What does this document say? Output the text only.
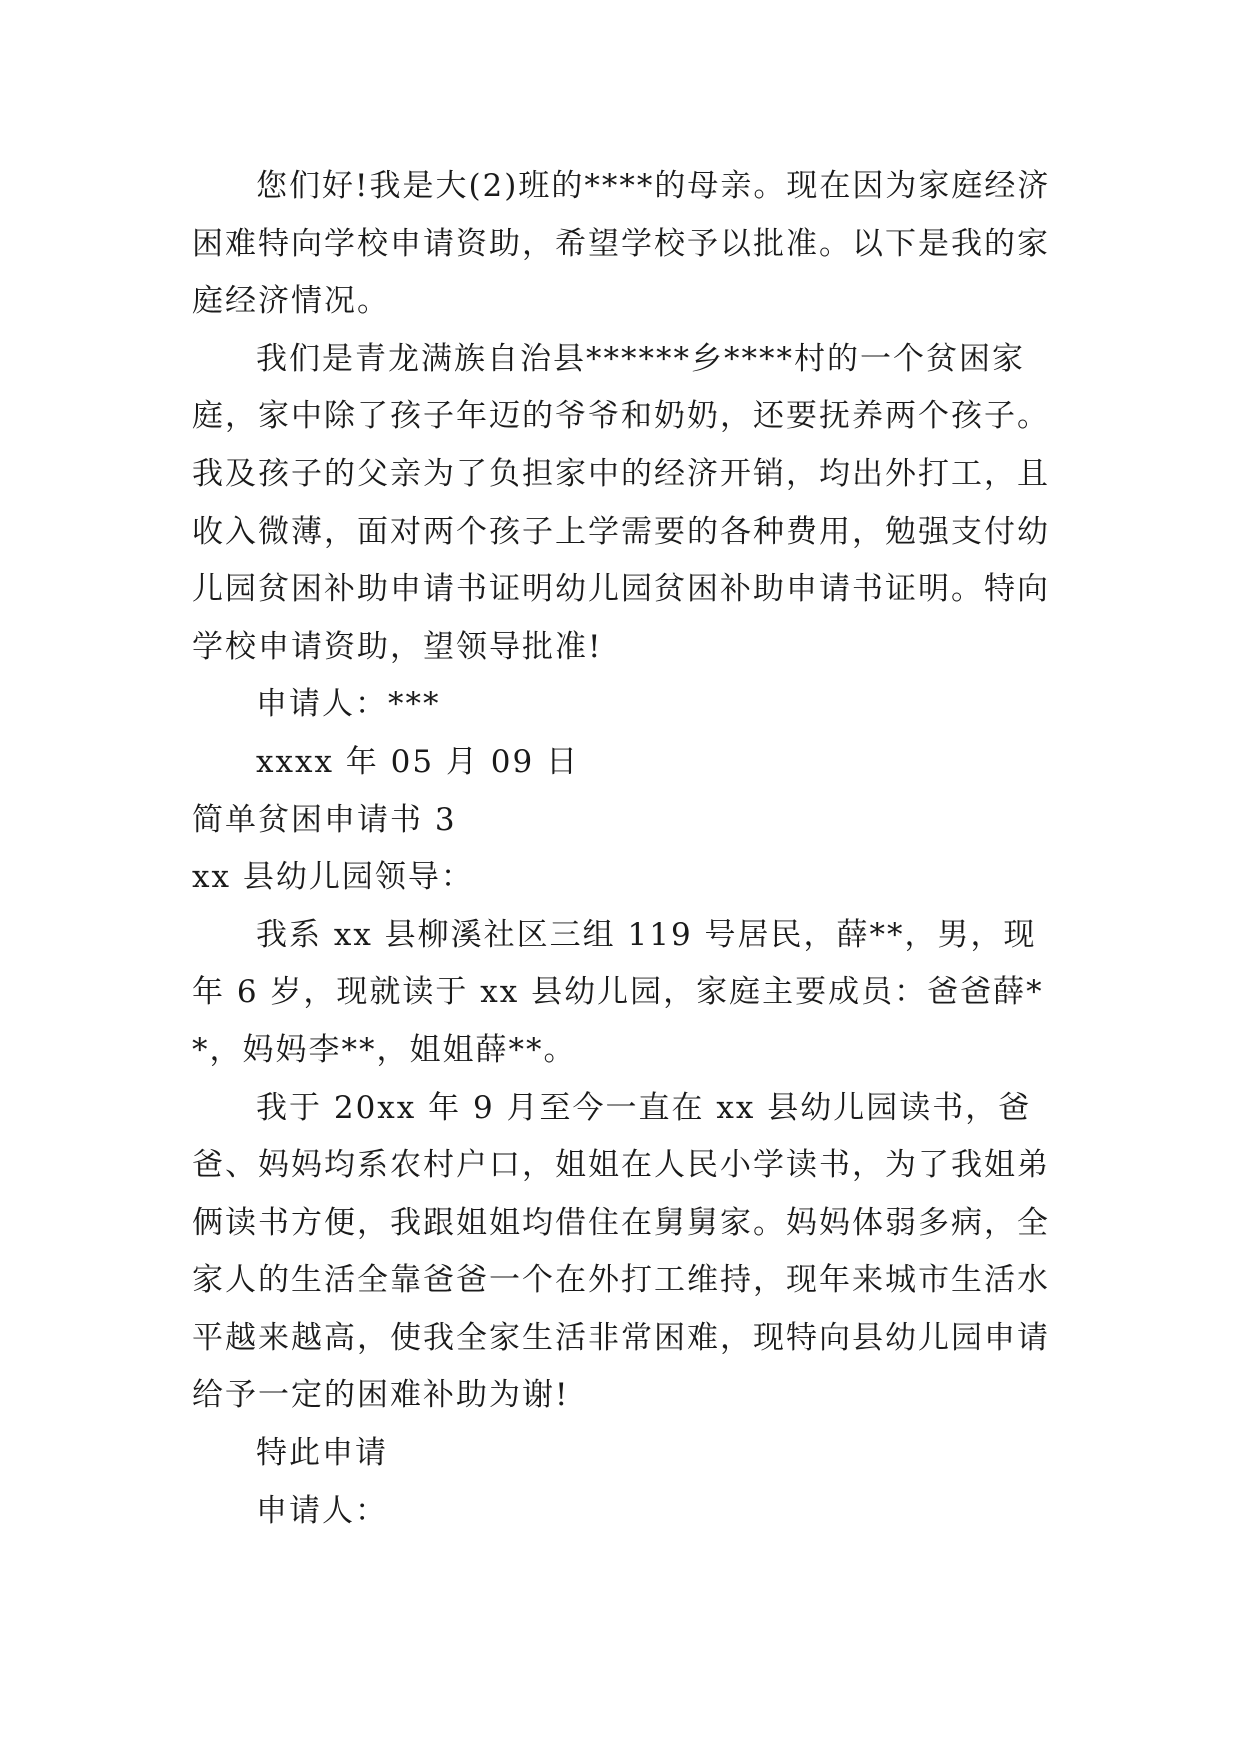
您们好!我是大(2)班的****的母亲。现在因为家庭经济困难特向学校申请资助，希望学校予以批准。以下是我的家庭经济情况。

我们是青龙满族自治县******乡****村的一个贫困家庭，家中除了孩子年迈的爷爷和奶奶，还要抚养两个孩子。我及孩子的父亲为了负担家中的经济开销，均出外打工，且收入微薄，面对两个孩子上学需要的各种费用，勉强支付幼儿园贫困补助申请书证明幼儿园贫困补助申请书证明。特向学校申请资助，望领导批准!

申请人：***

xxxx 年 05 月 09 日

简单贫困申请书 3

xx 县幼儿园领导：

我系 xx 县柳溪社区三组 119 号居民，薛**，男，现年 6 岁，现就读于 xx 县幼儿园，家庭主要成员：爸爸薛**，妈妈李**，姐姐薛**。

我于 20xx 年 9 月至今一直在 xx 县幼儿园读书，爸爸、妈妈均系农村户口，姐姐在人民小学读书，为了我姐弟俩读书方便，我跟姐姐均借住在舅舅家。妈妈体弱多病，全家人的生活全靠爸爸一个在外打工维持，现年来城市生活水平越来越高，使我全家生活非常困难，现特向县幼儿园申请给予一定的困难补助为谢!

特此申请

申请人：
